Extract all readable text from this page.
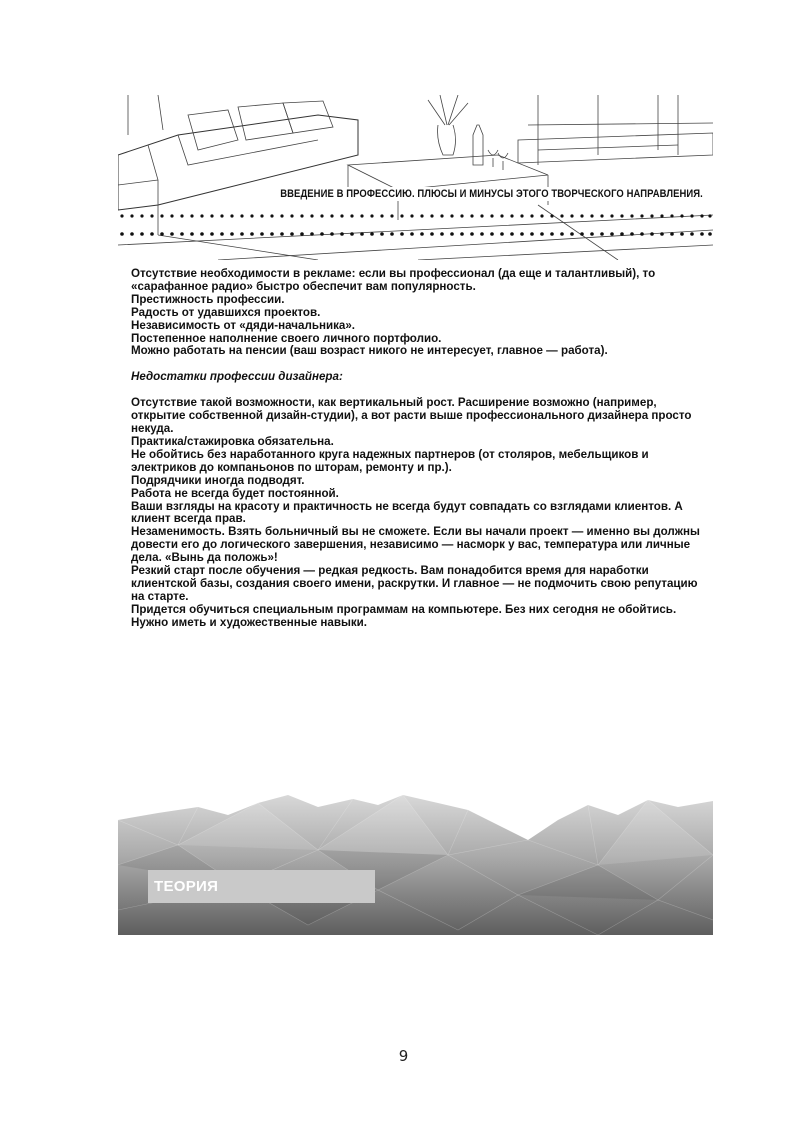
ВВЕДЕНИЕ В ПРОФЕССИЮ. ПЛЮСЫ И МИНУСЫ ЭТОГО ТВОРЧЕСКОГО НАПРАВЛЕНИЯ.

Отсутствие необходимости в рекламе: если вы профессионал (да еще и талантливый), то «сарафанное радио» быстро обеспечит вам популярность.

Престижность профессии.

Радость от удавшихся проектов.

Независимость от «дяди-начальника».

Постепенное наполнение своего личного портфолио.

Можно работать на пенсии (ваш возраст никого не интересует, главное — работа).

Недостатки профессии дизайнера:

Отсутствие такой возможности, как вертикальный рост. Расширение возможно (например, открытие собственной дизайн-студии), а вот расти выше профессионального дизайнера просто некуда.

Практика/стажировка обязательна.

Не обойтись без наработанного круга надежных партнеров (от столяров, мебельщиков и электриков до компаньонов по шторам, ремонту и пр.).

Подрядчики иногда подводят.

Работа не всегда будет постоянной.

Ваши взгляды на красоту и практичность не всегда будут совпадать со взглядами клиентов. А клиент всегда прав.

Незаменимость. Взять больничный вы не сможете. Если вы начали проект — именно вы должны довести его до логического завершения, независимо — насморк у вас, температура или личные дела. «Вынь да положь»!

Резкий старт после обучения — редкая редкость. Вам понадобится время для наработки клиентской базы, создания своего имени, раскрутки. И главное — не подмочить свою репутацию на старте.

Придется обучиться специальным программам на компьютере. Без них сегодня не обойтись.

Нужно иметь и художественные навыки.

ТЕОРИЯ
9
